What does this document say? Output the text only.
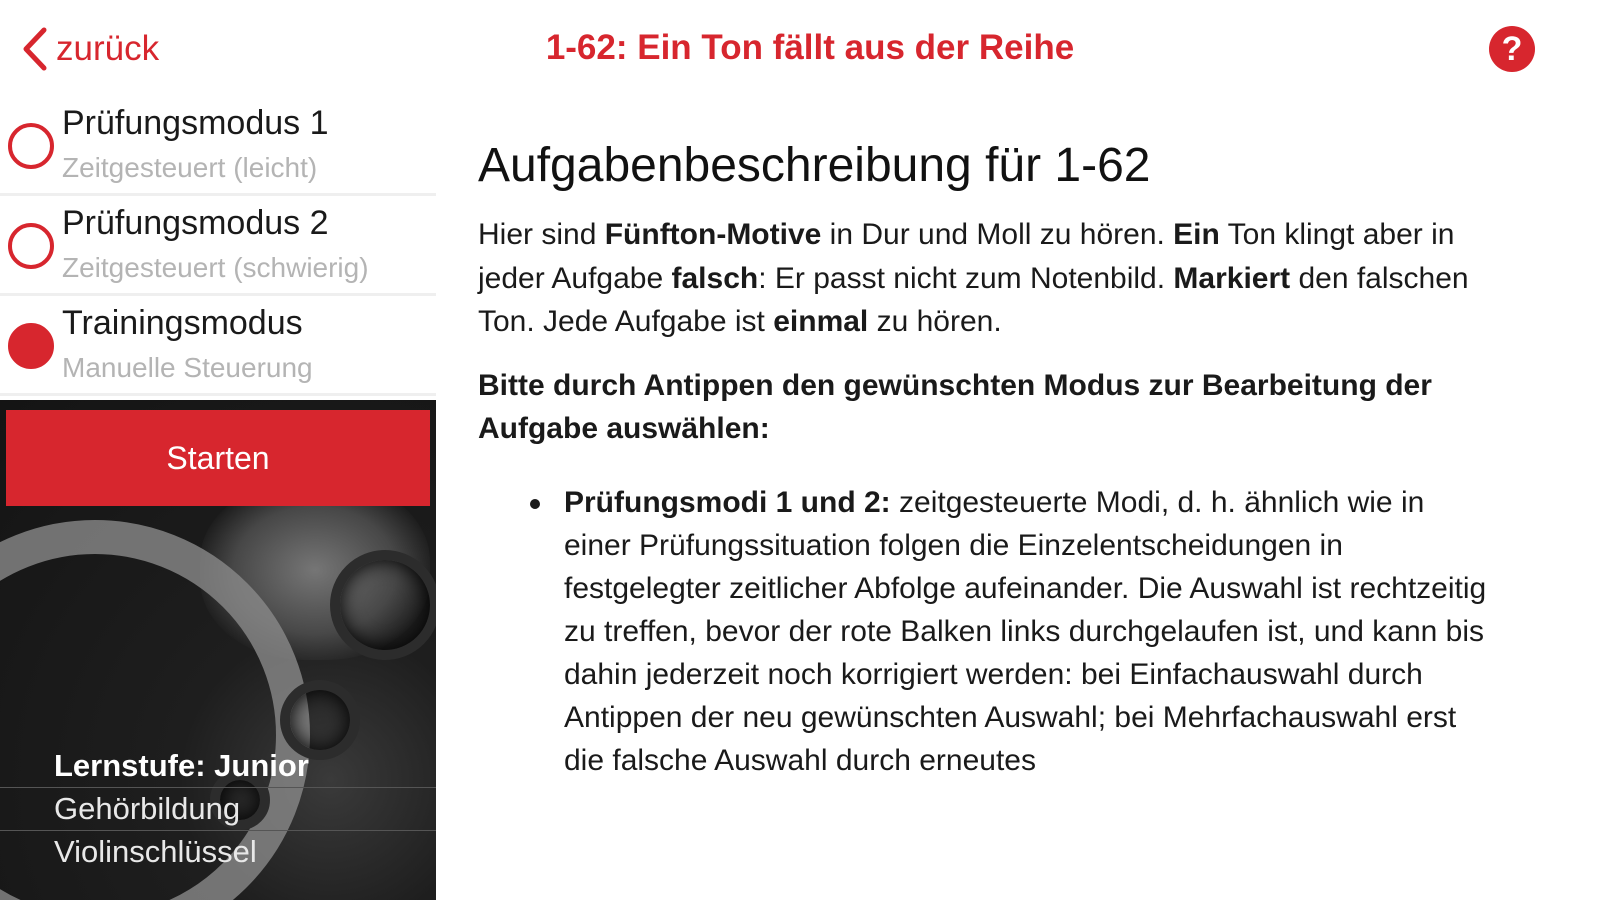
zurück	1-62: Ein Ton fällt aus der Reihe	?
Prüfungsmodus 1
Zeitgesteuert (leicht)
Prüfungsmodus 2
Zeitgesteuert (schwierig)
Trainingsmodus
Manuelle Steuerung
Starten
Lernstufe: Junior
Gehörbildung
Violinschlüssel
Aufgabenbeschreibung für 1-62

Hier sind Fünfton-Motive in Dur und Moll zu hören. Ein Ton klingt aber in jeder Aufgabe falsch: Er passt nicht zum Notenbild. Markiert den falschen Ton. Jede Aufgabe ist einmal zu hören.

Bitte durch Antippen den gewünschten Modus zur Bearbeitung der Aufgabe auswählen:

Prüfungsmodi 1 und 2: zeitgesteuerte Modi, d. h. ähnlich wie in einer Prüfungssituation folgen die Einzelentscheidungen in festgelegter zeitlicher Abfolge aufeinander. Die Auswahl ist rechtzeitig zu treffen, bevor der rote Balken links durchgelaufen ist, und kann bis dahin jederzeit noch korrigiert werden: bei Einfachauswahl durch Antippen der neu gewünschten Auswahl; bei Mehrfachauswahl erst die falsche Auswahl durch erneutes
